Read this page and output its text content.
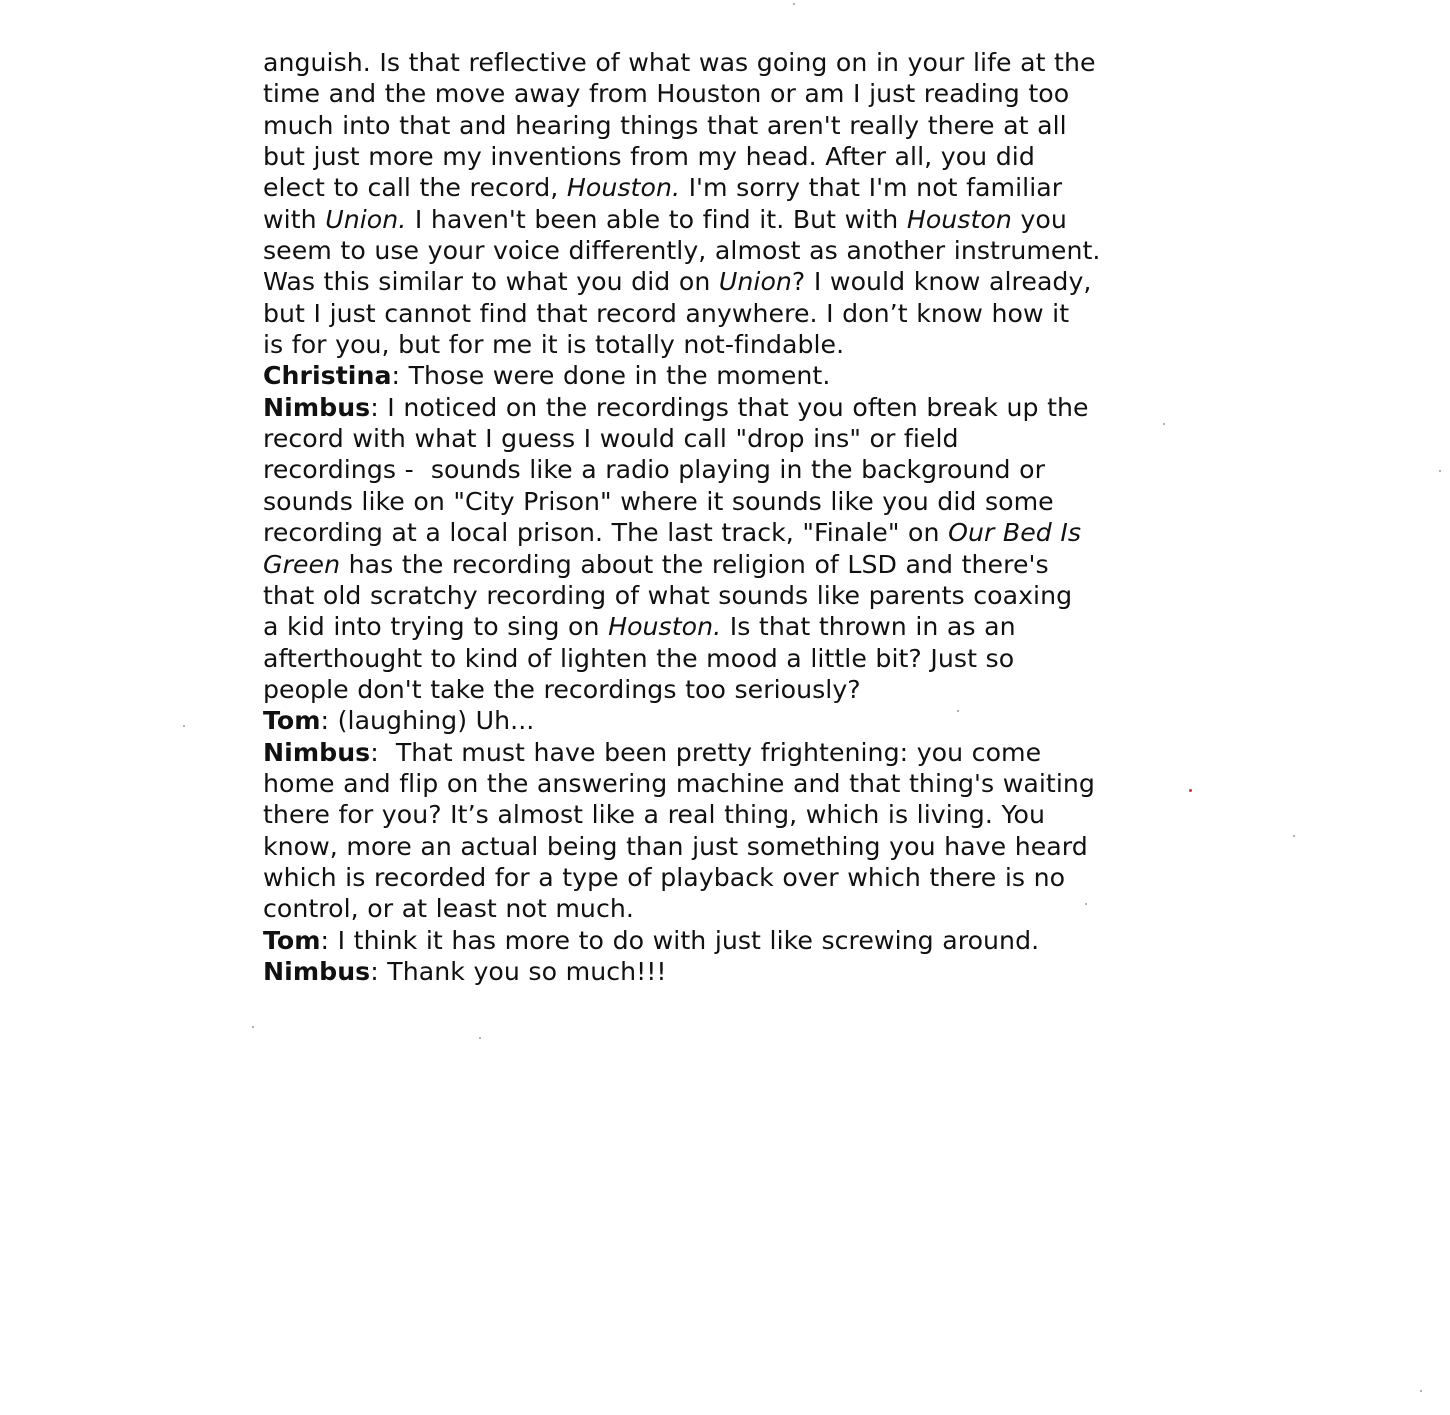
anguish. Is that reflective of what was going on in your life at the
time and the move away from Houston or am I just reading too
much into that and hearing things that aren't really there at all
but just more my inventions from my head. After all, you did
elect to call the record, Houston. I'm sorry that I'm not familiar
with Union. I haven't been able to find it. But with Houston you
seem to use your voice differently, almost as another instrument.
Was this similar to what you did on Union? I would know already,
but I just cannot find that record anywhere. I don’t know how it
is for you, but for me it is totally not-findable.
Christina: Those were done in the moment.
Nimbus: I noticed on the recordings that you often break up the
record with what I guess I would call "drop ins" or field
recordings -  sounds like a radio playing in the background or
sounds like on "City Prison" where it sounds like you did some
recording at a local prison. The last track, "Finale" on Our Bed Is
Green has the recording about the religion of LSD and there's
that old scratchy recording of what sounds like parents coaxing
a kid into trying to sing on Houston. Is that thrown in as an
afterthought to kind of lighten the mood a little bit? Just so
people don't take the recordings too seriously?
Tom: (laughing) Uh...
Nimbus:  That must have been pretty frightening: you come
home and flip on the answering machine and that thing's waiting
there for you? It’s almost like a real thing, which is living. You
know, more an actual being than just something you have heard
which is recorded for a type of playback over which there is no
control, or at least not much.
Tom: I think it has more to do with just like screwing around.
Nimbus: Thank you so much!!!
